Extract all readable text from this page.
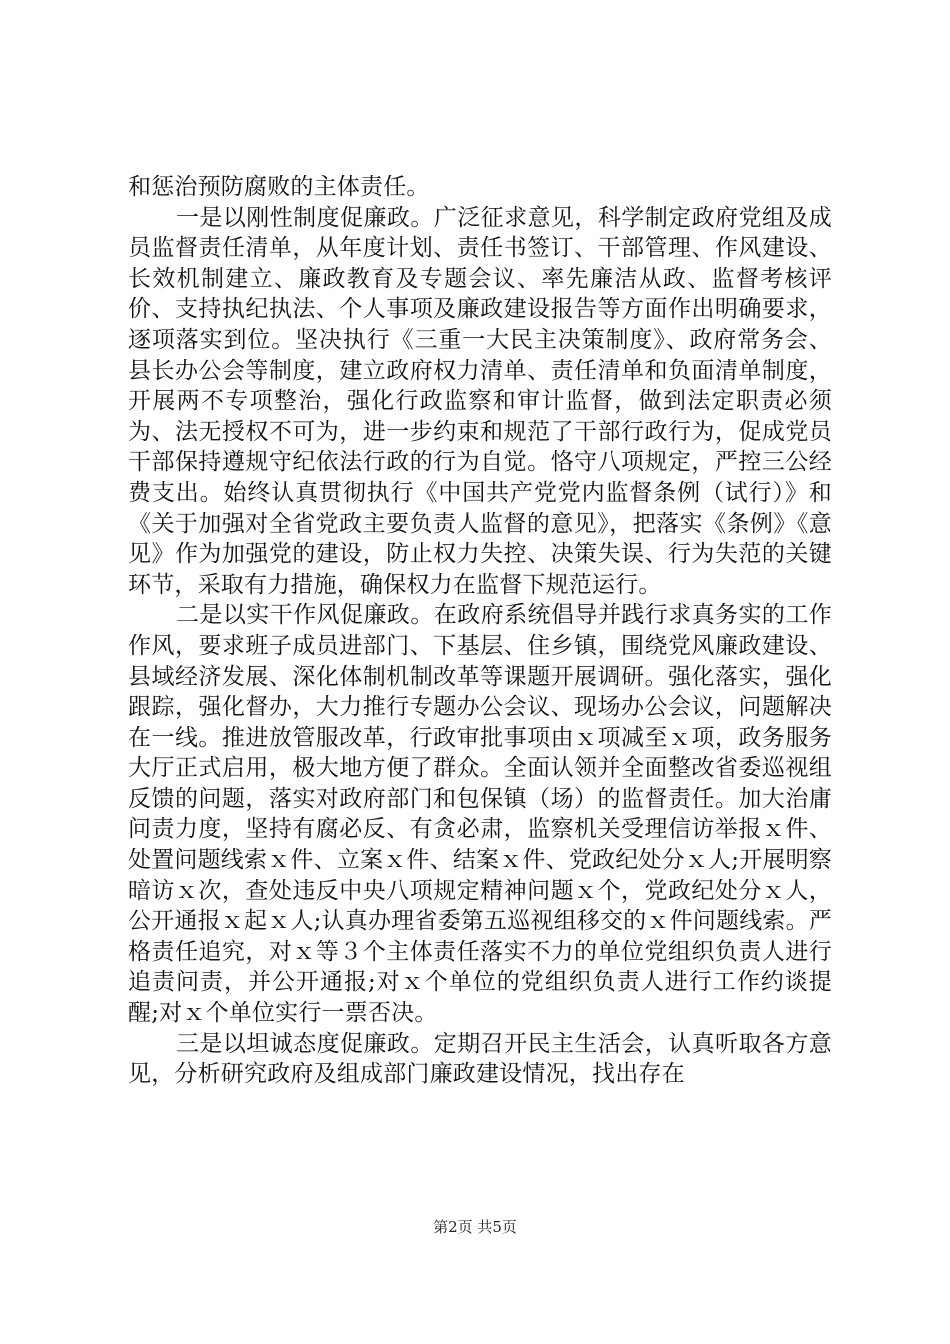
和惩治预防腐败的主体责任。

一是以刚性制度促廉政。广泛征求意见，科学制定政府党组及成员监督责任清单，从年度计划、责任书签订、干部管理、作风建设、长效机制建立、廉政教育及专题会议、率先廉洁从政、监督考核评价、支持执纪执法、个人事项及廉政建设报告等方面作出明确要求，逐项落实到位。坚决执行《三重一大民主决策制度》、政府常务会、县长办公会等制度，建立政府权力清单、责任清单和负面清单制度，开展两不专项整治，强化行政监察和审计监督，做到法定职责必须为、法无授权不可为，进一步约束和规范了干部行政行为，促成党员干部保持遵规守纪依法行政的行为自觉。恪守八项规定，严控三公经费支出。始终认真贯彻执行《中国共产党党内监督条例（试行）》和《关于加强对全省党政主要负责人监督的意见》，把落实《条例》《意见》作为加强党的建设，防止权力失控、决策失误、行为失范的关键环节，采取有力措施，确保权力在监督下规范运行。

二是以实干作风促廉政。在政府系统倡导并践行求真务实的工作作风，要求班子成员进部门、下基层、住乡镇，围绕党风廉政建设、县域经济发展、深化体制机制改革等课题开展调研。强化落实，强化跟踪，强化督办，大力推行专题办公会议、现场办公会议，问题解决在一线。推进放管服改革，行政审批事项由ｘ项减至ｘ项，政务服务大厅正式启用，极大地方便了群众。全面认领并全面整改省委巡视组反馈的问题，落实对政府部门和包保镇（场）的监督责任。加大治庸问责力度，坚持有腐必反、有贪必肃，监察机关受理信访举报ｘ件、处置问题线索ｘ件、立案ｘ件、结案ｘ件、党政纪处分ｘ人;开展明察暗访ｘ次，查处违反中央八项规定精神问题ｘ个，党政纪处分ｘ人，公开通报ｘ起ｘ人;认真办理省委第五巡视组移交的ｘ件问题线索。严格责任追究，对ｘ等３个主体责任落实不力的单位党组织负责人进行追责问责，并公开通报;对ｘ个单位的党组织负责人进行工作约谈提醒;对ｘ个单位实行一票否决。

三是以坦诚态度促廉政。定期召开民主生活会，认真听取各方意见，分析研究政府及组成部门廉政建设情况，找出存在

第2页 共5页
